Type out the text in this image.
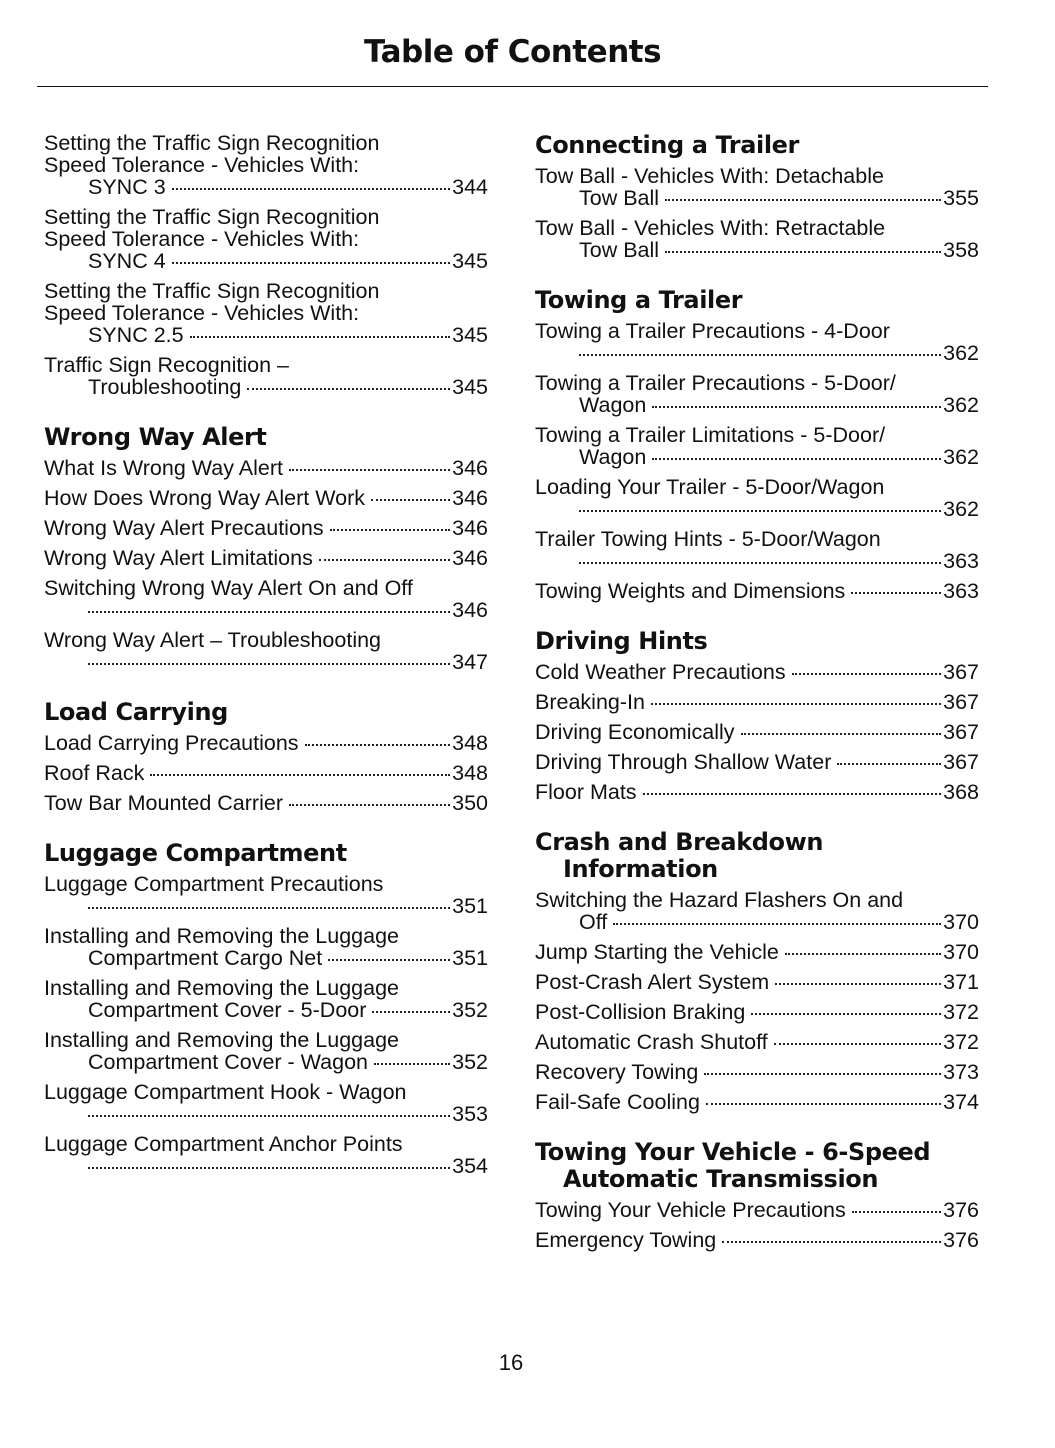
Table of Contents
Setting the Traffic Sign Recognition
Speed Tolerance - Vehicles With:
SYNC 3	344
Setting the Traffic Sign Recognition
Speed Tolerance - Vehicles With:
SYNC 4	345
Setting the Traffic Sign Recognition
Speed Tolerance - Vehicles With:
SYNC 2.5	345
Traffic Sign Recognition –
Troubleshooting	345
Wrong Way Alert
What Is Wrong Way Alert	346
How Does Wrong Way Alert Work	346
Wrong Way Alert Precautions	346
Wrong Way Alert Limitations	346
Switching Wrong Way Alert On and Off
346
Wrong Way Alert – Troubleshooting
347
Load Carrying
Load Carrying Precautions	348
Roof Rack	348
Tow Bar Mounted Carrier	350
Luggage Compartment
Luggage Compartment Precautions
351
Installing and Removing the Luggage
Compartment Cargo Net	351
Installing and Removing the Luggage
Compartment Cover - 5-Door	352
Installing and Removing the Luggage
Compartment Cover - Wagon	352
Luggage Compartment Hook - Wagon
353
Luggage Compartment Anchor Points
354
Connecting a Trailer
Tow Ball - Vehicles With: Detachable
Tow Ball	355
Tow Ball - Vehicles With: Retractable
Tow Ball	358
Towing a Trailer
Towing a Trailer Precautions - 4-Door
362
Towing a Trailer Precautions - 5-Door/
Wagon	362
Towing a Trailer Limitations - 5-Door/
Wagon	362
Loading Your Trailer - 5-Door/Wagon
362
Trailer Towing Hints - 5-Door/Wagon
363
Towing Weights and Dimensions	363
Driving Hints
Cold Weather Precautions	367
Breaking-In	367
Driving Economically	367
Driving Through Shallow Water	367
Floor Mats	368
Crash and Breakdown Information
Switching the Hazard Flashers On and
Off	370
Jump Starting the Vehicle	370
Post-Crash Alert System	371
Post-Collision Braking	372
Automatic Crash Shutoff	372
Recovery Towing	373
Fail-Safe Cooling	374
Towing Your Vehicle - 6-Speed Automatic Transmission
Towing Your Vehicle Precautions	376
Emergency Towing	376
16
